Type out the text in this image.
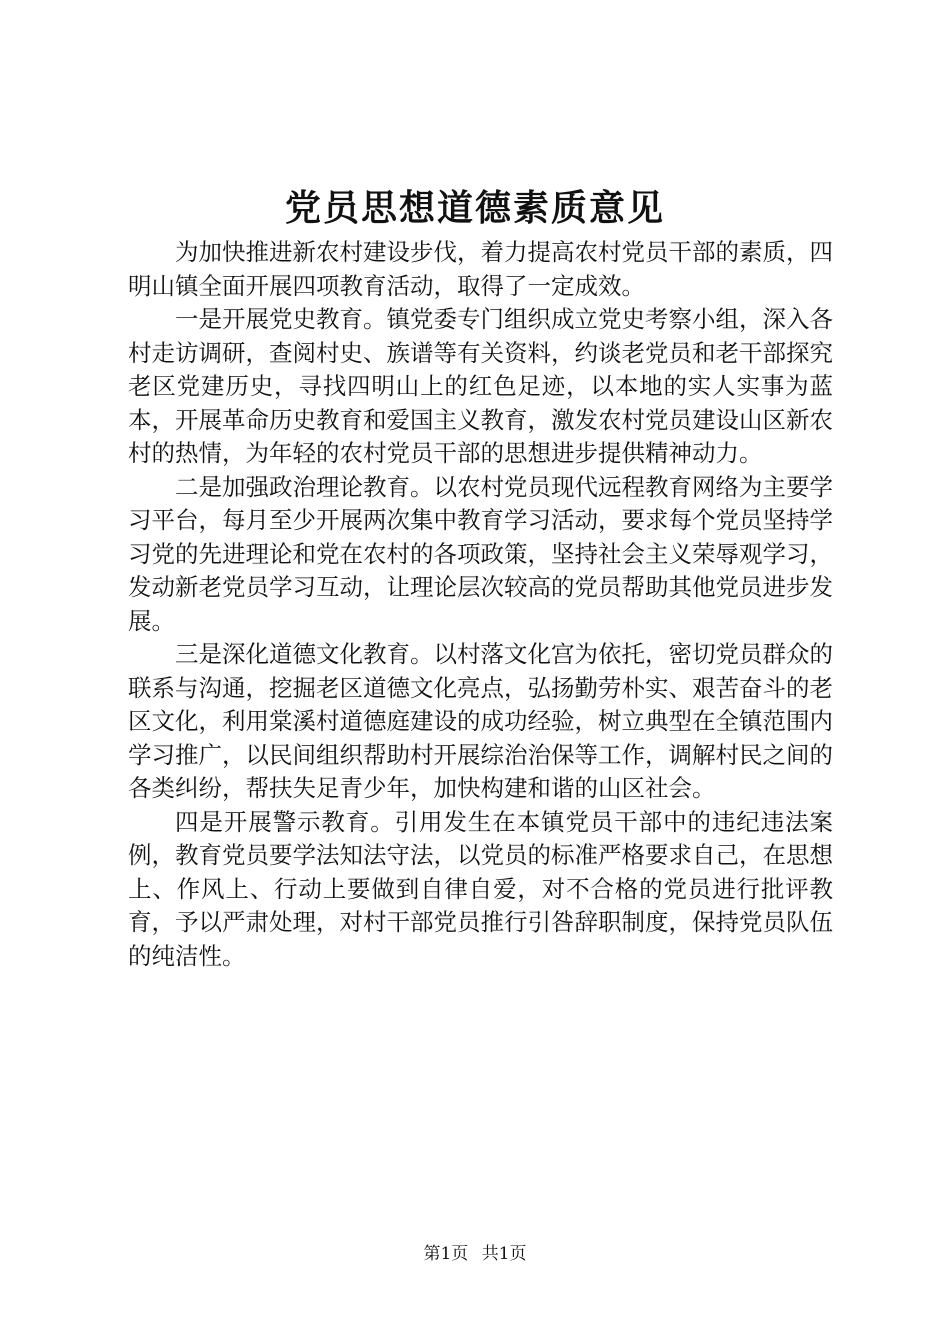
党员思想道德素质意见

为加快推进新农村建设步伐，着力提高农村党员干部的素质，四明山镇全面开展四项教育活动，取得了一定成效。

一是开展党史教育。镇党委专门组织成立党史考察小组，深入各村走访调研，查阅村史、族谱等有关资料，约谈老党员和老干部探究老区党建历史，寻找四明山上的红色足迹，以本地的实人实事为蓝本，开展革命历史教育和爱国主义教育，激发农村党员建设山区新农村的热情，为年轻的农村党员干部的思想进步提供精神动力。

二是加强政治理论教育。以农村党员现代远程教育网络为主要学习平台，每月至少开展两次集中教育学习活动，要求每个党员坚持学习党的先进理论和党在农村的各项政策，坚持社会主义荣辱观学习，发动新老党员学习互动，让理论层次较高的党员帮助其他党员进步发展。

三是深化道德文化教育。以村落文化宫为依托，密切党员群众的联系与沟通，挖掘老区道德文化亮点，弘扬勤劳朴实、艰苦奋斗的老区文化，利用棠溪村道德庭建设的成功经验，树立典型在全镇范围内学习推广，以民间组织帮助村开展综治治保等工作，调解村民之间的各类纠纷，帮扶失足青少年，加快构建和谐的山区社会。

四是开展警示教育。引用发生在本镇党员干部中的违纪违法案例，教育党员要学法知法守法，以党员的标准严格要求自己，在思想上、作风上、行动上要做到自律自爱，对不合格的党员进行批评教育，予以严肃处理，对村干部党员推行引咎辞职制度，保持党员队伍的纯洁性。

第1页 共1页
